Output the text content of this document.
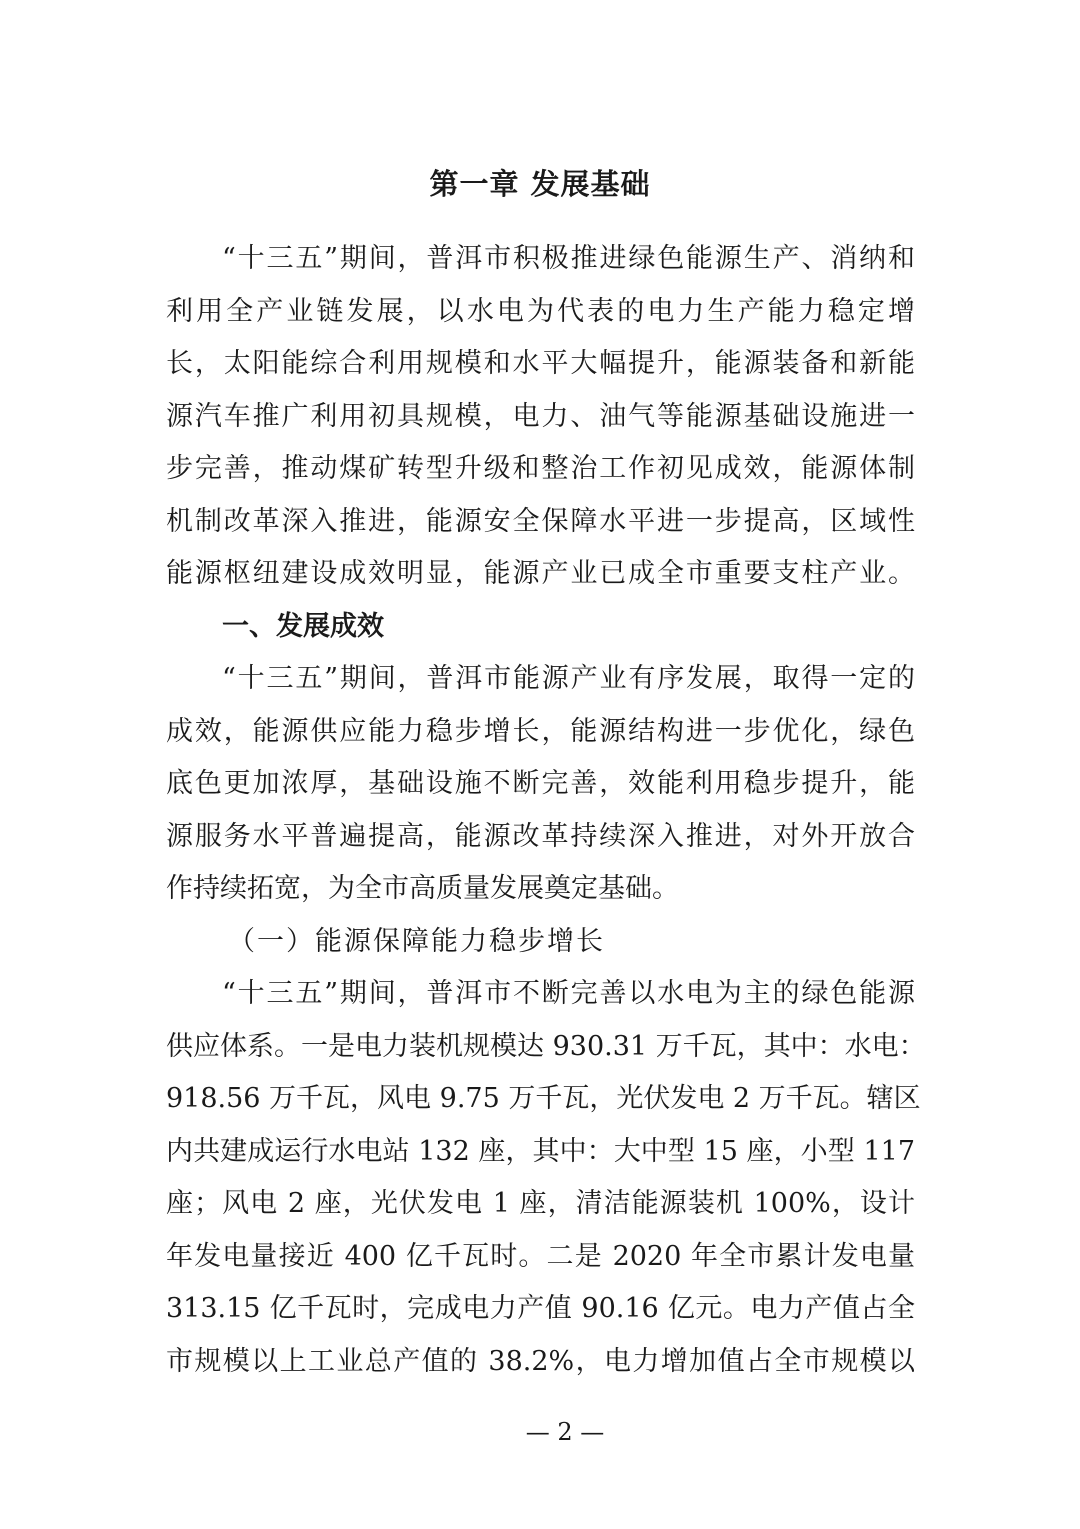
第一章 发展基础
“十三五”期间，普洱市积极推进绿色能源生产、消纳和
利用全产业链发展，以水电为代表的电力生产能力稳定增
长，太阳能综合利用规模和水平大幅提升，能源装备和新能
源汽车推广利用初具规模，电力、油气等能源基础设施进一
步完善，推动煤矿转型升级和整治工作初见成效，能源体制
机制改革深入推进，能源安全保障水平进一步提高，区域性
能源枢纽建设成效明显，能源产业已成全市重要支柱产业。
一、发展成效
“十三五”期间，普洱市能源产业有序发展，取得一定的
成效，能源供应能力稳步增长，能源结构进一步优化，绿色
底色更加浓厚，基础设施不断完善，效能利用稳步提升，能
源服务水平普遍提高，能源改革持续深入推进，对外开放合
作持续拓宽，为全市高质量发展奠定基础。
（一）能源保障能力稳步增长
“十三五”期间，普洱市不断完善以水电为主的绿色能源
供应体系。一是电力装机规模达 930.31 万千瓦，其中：水电：
918.56 万千瓦，风电 9.75 万千瓦，光伏发电 2 万千瓦。辖区
内共建成运行水电站 132 座，其中：大中型 15 座，小型 117
座；风电 2 座，光伏发电 1 座，清洁能源装机 100%，设计
年发电量接近 400 亿千瓦时。二是 2020 年全市累计发电量
313.15 亿千瓦时，完成电力产值 90.16 亿元。电力产值占全
市规模以上工业总产值的 38.2%，电力增加值占全市规模以
— 2 —
